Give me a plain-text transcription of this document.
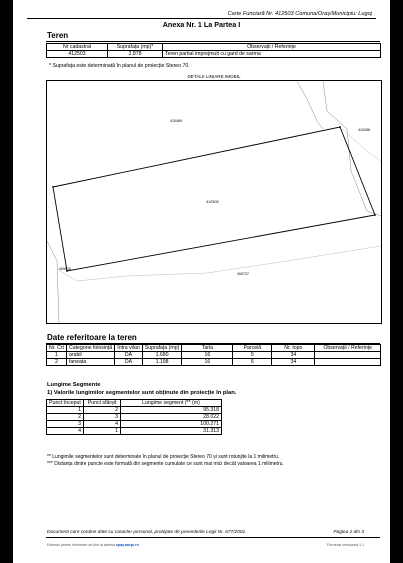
Carte Funciară Nr. 412503 Comuna/Oraș/Municipiu: Lugoj
Anexa Nr. 1 La Partea I
Teren
Nr cadastral	Suprafața (mp)*	Observații / Referințe
412503	2.878	Teren partial imprejmuit cu gard de sarma
* Suprafața este determinată în planul de proiecție Stereo 70.
DETALII LINIARE IMOBIL
410469
410288
412503
409516
400737
Date referitoare la teren
Nr. Crt	Categorie folosință	Intra vilan	Suprafața (mp)	Tarla	Parcelă	Nr. topo	Observații / Referințe
1	arabil	DA	1.680	16	5	34	
2	faneata	DA	1.198	16	6	34	
Lungime Segmente
1) Valorile lungimilor segmentelor sunt obținute din proiecție în plan.
Punct început	Punct sfârșit	Lungime segment (** (m)
1	2	95.318
2	3	28.022
3	4	100.271
4	1	31.313
** Lungimile segmentelor sunt determinate în planul de proiecție Stereo 70 și sunt rotunjite la 1 milimetru.
*** Distanța dintre puncte este formată din segmente cumulate ce sunt mai mici decât valoarea 1 milimetru.
Document care conține date cu caracter personal, protejate de prevederile Legii Nr. 677/2001.	Pagina 2 din 3
Extrasul pentru informare on-line la adresa epay.ancpi.ro	Formular versiunea 1.1
